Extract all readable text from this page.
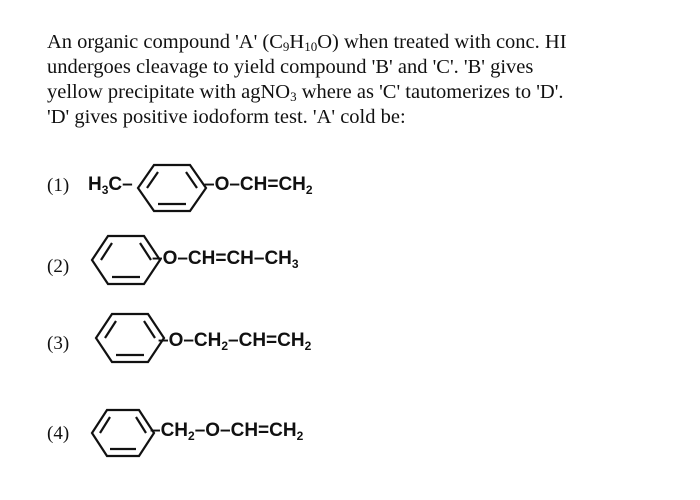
An organic compound 'A' $(C_9H_{10}O)$ when treated with conc. HI
undergoes cleavage to yield compound 'B' and 'C'. 'B' gives
yellow precipitate with agNO$_3$ where as 'C' tautomerizes to 'D'.
'D' gives positive iodoform test. 'A' cold be:
(1) $H_3C-$	$-O-CH=CH_2$
(2)	$-O-CH=CH-CH_3$
(3)	$-O-CH_2-CH=CH_2$
(4)	$-CH_2-O-CH=CH_2$
